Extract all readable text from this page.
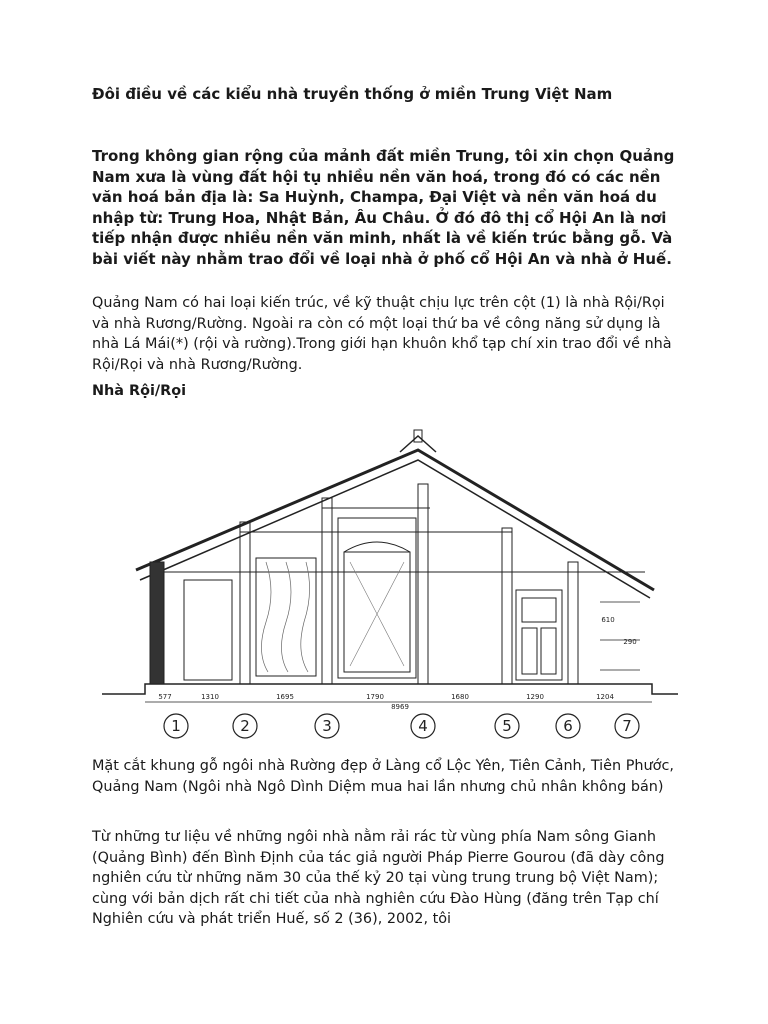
Đôi điều về các kiểu nhà truyền thống ở miền Trung Việt Nam
Trong không gian rộng của mảnh đất miền Trung, tôi xin chọn Quảng Nam xưa là vùng đất hội tụ nhiều nền văn hoá, trong đó có các nền văn hoá bản địa là: Sa Huỳnh, Champa, Đại Việt và nền văn hoá du nhập từ: Trung Hoa, Nhật Bản, Âu Châu. Ở đó đô thị cổ Hội An là nơi tiếp nhận được nhiều nền văn minh, nhất là về kiến trúc bằng gỗ. Và bài viết này nhằm trao đổi về loại nhà ở phố cổ Hội An và nhà ở Huế.
Quảng Nam có hai loại kiến trúc, về kỹ thuật chịu lực trên cột (1) là nhà Rội/Rọi và nhà Rương/Rường. Ngoài ra còn có một loại thứ ba về công năng sử dụng là nhà Lá Mái(*) (rội và rường).Trong giới hạn khuôn khổ tạp chí xin trao đổi về nhà Rội/Rọi và nhà Rương/Rường.
Nhà Rội/Rọi
577	1310	1695	1790	1680	1290	1204
8969
610
290
1	2	3	4	5	6	7
Mặt cắt khung gỗ ngôi nhà Rường đẹp ở Làng cổ Lộc Yên, Tiên Cảnh, Tiên Phước, Quảng Nam (Ngôi nhà Ngô Dình Diệm mua hai lần nhưng chủ nhân không bán)
Từ những tư liệu về những ngôi nhà nằm rải rác từ vùng phía Nam sông Gianh (Quảng Bình) đến Bình Định của tác giả người Pháp Pierre Gourou (đã dày công nghiên cứu từ những năm 30 của thế kỷ 20 tại vùng trung trung bộ Việt Nam); cùng với bản dịch rất chi tiết của nhà nghiên cứu Đào Hùng (đăng trên Tạp chí Nghiên cứu và phát triển Huế, số 2 (36), 2002, tôi
